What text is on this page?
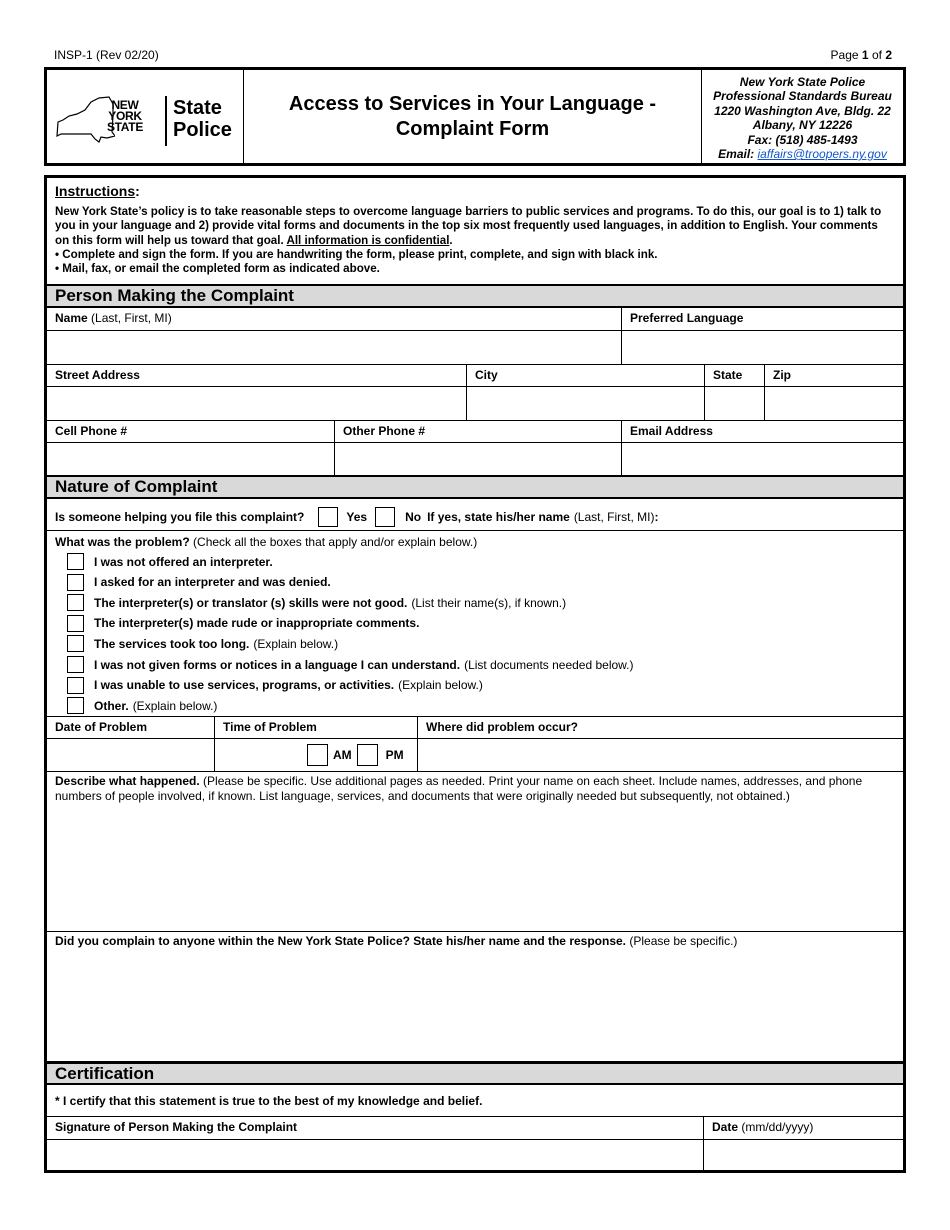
INSP-1 (Rev 02/20)	Page 1 of 2
NEW
YORK
STATE
State
Police
Access to Services in Your Language -
Complaint Form
New York State Police
Professional Standards Bureau
1220 Washington Ave, Bldg. 22
Albany, NY 12226
Fax: (518) 485-1493
Email: iaffairs@troopers.ny.gov
Instructions:
New York State’s policy is to take reasonable steps to overcome language barriers to public services and programs. To do this, our goal is to 1) talk to you in your language and 2) provide vital forms and documents in the top six most frequently used languages, in addition to English. Your comments on this form will help us toward that goal. All information is confidential.
• Complete and sign the form. If you are handwriting the form, please print, complete, and sign with black ink.
• Mail, fax, or email the completed form as indicated above.
Person Making the Complaint
Name (Last, First, MI)	Preferred Language
Street Address	City	State	Zip
Cell Phone #	Other Phone #	Email Address
Nature of Complaint
Is someone helping you file this complaint?	Yes	No If yes, state his/her name (Last, First, MI) :
What was the problem? (Check all the boxes that apply and/or explain below.)
I was not offered an interpreter.
I asked for an interpreter and was denied.
The interpreter(s) or translator (s) skills were not good. (List their name(s), if known.)
The interpreter(s) made rude or inappropriate comments.
The services took too long. (Explain below.)
I was not given forms or notices in a language I can understand. (List documents needed below.)
I was unable to use services, programs, or activities. (Explain below.)
Other. (Explain below.)
Date of Problem	Time of Problem	Where did problem occur?
AM	PM
Describe what happened. (Please be specific. Use additional pages as needed. Print your name on each sheet. Include names, addresses, and phone numbers of people involved, if known. List language, services, and documents that were originally needed but subsequently, not obtained.)
Did you complain to anyone within the New York State Police? State his/her name and the response. (Please be specific.)
Certification
* I certify that this statement is true to the best of my knowledge and belief.
Signature of Person Making the Complaint	Date (mm/dd/yyyy)
